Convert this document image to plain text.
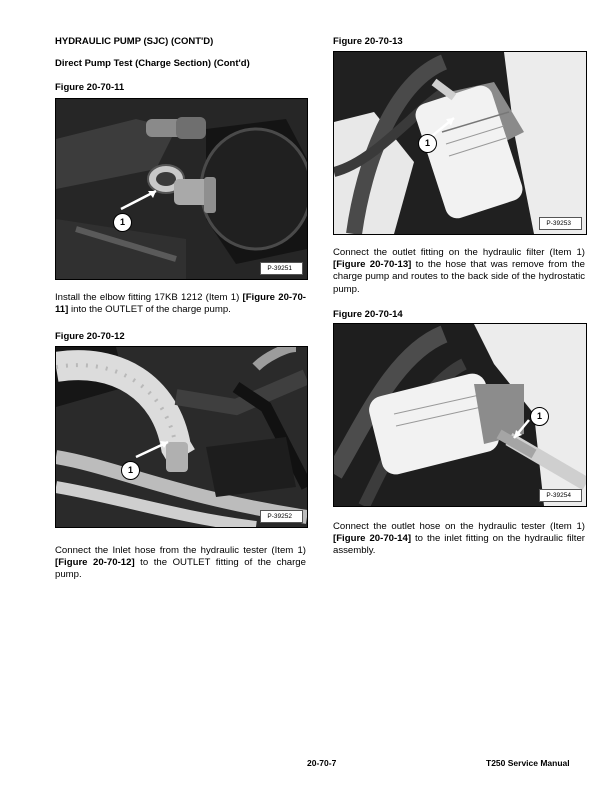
HYDRAULIC PUMP (SJC) (CONT'D)
Direct Pump Test (Charge Section) (Cont'd)
Figure 20-70-11
1
P-39251
Install the elbow fitting 17KB 1212 (Item 1) [Figure 20-70-11] into the OUTLET of the charge pump.
Figure 20-70-12
1
P-39252
Connect the Inlet hose from the hydraulic tester (Item 1) [Figure 20-70-12] to the OUTLET fitting of the charge pump.
Figure 20-70-13
1
P-39253
Connect the outlet fitting on the hydraulic filter (Item 1) [Figure 20-70-13] to the hose that was remove from the charge pump and routes to the back side of the hydrostatic pump.
Figure 20-70-14
1
P-39254
Connect the outlet hose on the hydraulic tester (Item 1) [Figure 20-70-14] to the inlet fitting on the hydraulic filter assembly.
20-70-7	T250 Service Manual
